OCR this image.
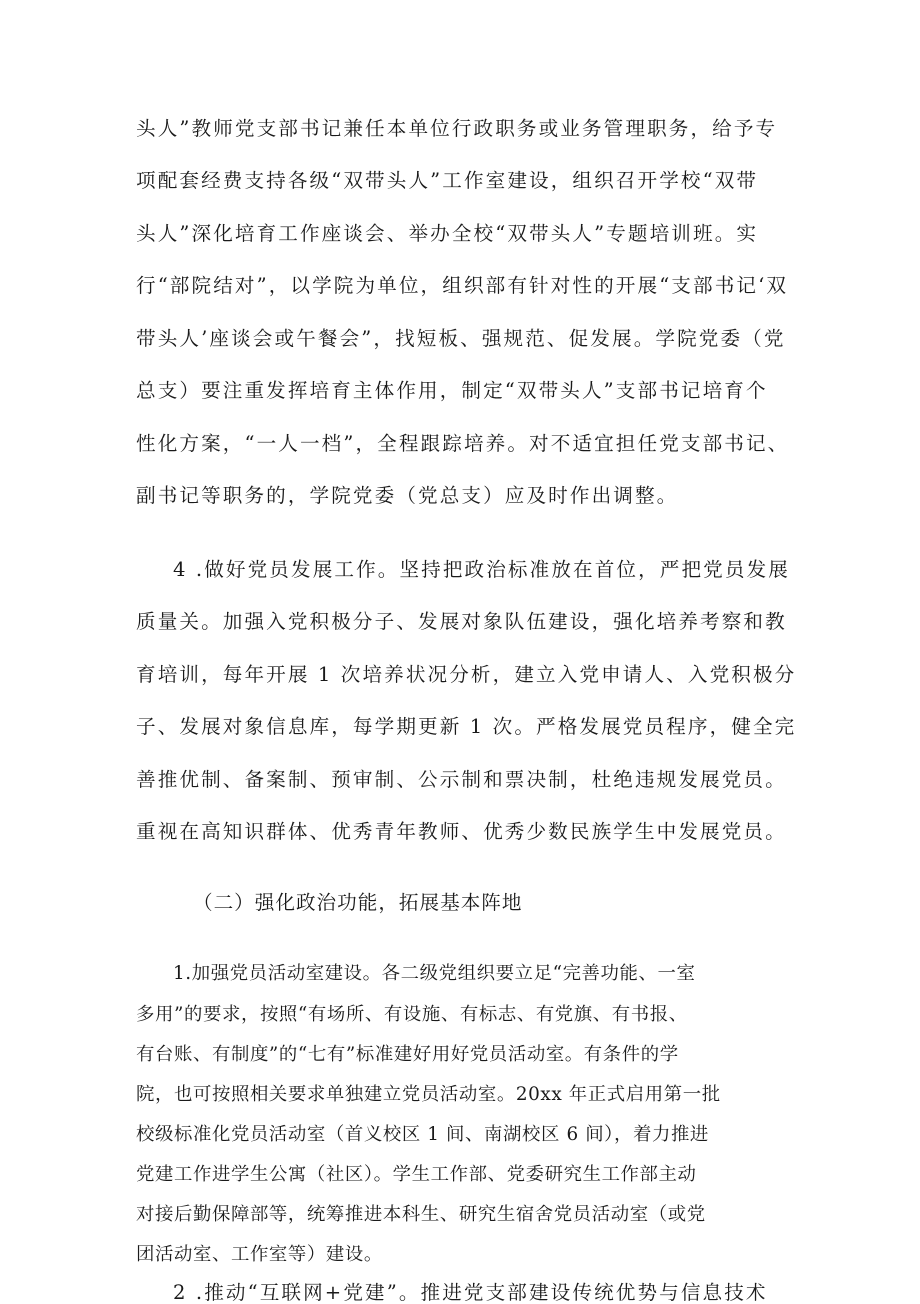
头人”教师党支部书记兼任本单位行政职务或业务管理职务，给予专
项配套经费支持各级“双带头人”工作室建设，组织召开学校“双带
头人”深化培育工作座谈会、举办全校“双带头人”专题培训班。实
行“部院结对”，以学院为单位，组织部有针对性的开展“支部书记‘双
带头人’座谈会或午餐会”，找短板、强规范、促发展。学院党委（党
总支）要注重发挥培育主体作用，制定“双带头人”支部书记培育个
性化方案，“一人一档”，全程跟踪培养。对不适宜担任党支部书记、
副书记等职务的，学院党委（党总支）应及时作出调整。
4 .做好党员发展工作。坚持把政治标准放在首位，严把党员发展
质量关。加强入党积极分子、发展对象队伍建设，强化培养考察和教
育培训，每年开展 1 次培养状况分析，建立入党申请人、入党积极分
子、发展对象信息库，每学期更新 1 次。严格发展党员程序，健全完
善推优制、备案制、预审制、公示制和票决制，杜绝违规发展党员。
重视在高知识群体、优秀青年教师、优秀少数民族学生中发展党员。
（二）强化政治功能，拓展基本阵地
1.加强党员活动室建设。各二级党组织要立足“完善功能、一室
多用”的要求，按照“有场所、有设施、有标志、有党旗、有书报、
有台账、有制度”的“七有”标准建好用好党员活动室。有条件的学
院，也可按照相关要求单独建立党员活动室。20xx 年正式启用第一批
校级标准化党员活动室（首义校区 1 间、南湖校区 6 间），着力推进
党建工作进学生公寓（社区）。学生工作部、党委研究生工作部主动
对接后勤保障部等，统筹推进本科生、研究生宿舍党员活动室（或党
团活动室、工作室等）建设。
2 .推动“互联网+党建”。推进党支部建设传统优势与信息技术
